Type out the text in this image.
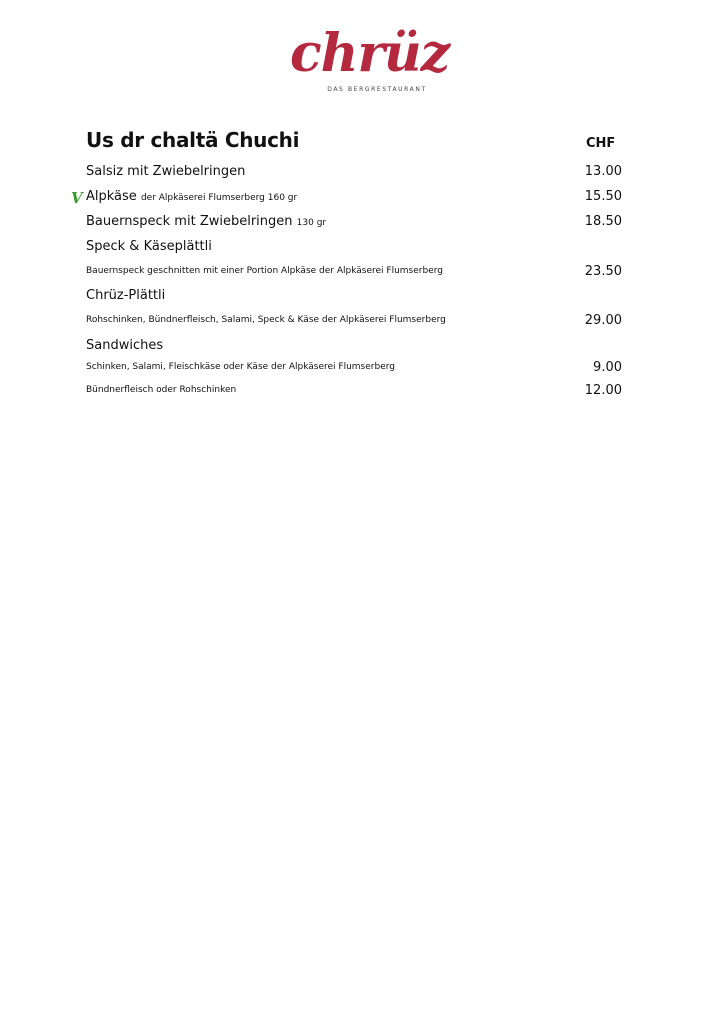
chrüz
DAS BERGRESTAURANT
Us dr chaltä Chuchi	CHF
V
Salsiz mit Zwiebelringen	13.00
Alpkäse der Alpkäserei Flumserberg 160 gr	15.50
Bauernspeck mit Zwiebelringen 130 gr	18.50
Speck & Käseplättli
Bauernspeck geschnitten mit einer Portion Alpkäse der Alpkäserei Flumserberg	23.50
Chrüz-Plättli
Rohschinken, Bündnerfleisch, Salami, Speck & Käse der Alpkäserei Flumserberg	29.00
Sandwiches
Schinken, Salami, Fleischkäse oder Käse der Alpkäserei Flumserberg	9.00
Bündnerfleisch oder Rohschinken	12.00
